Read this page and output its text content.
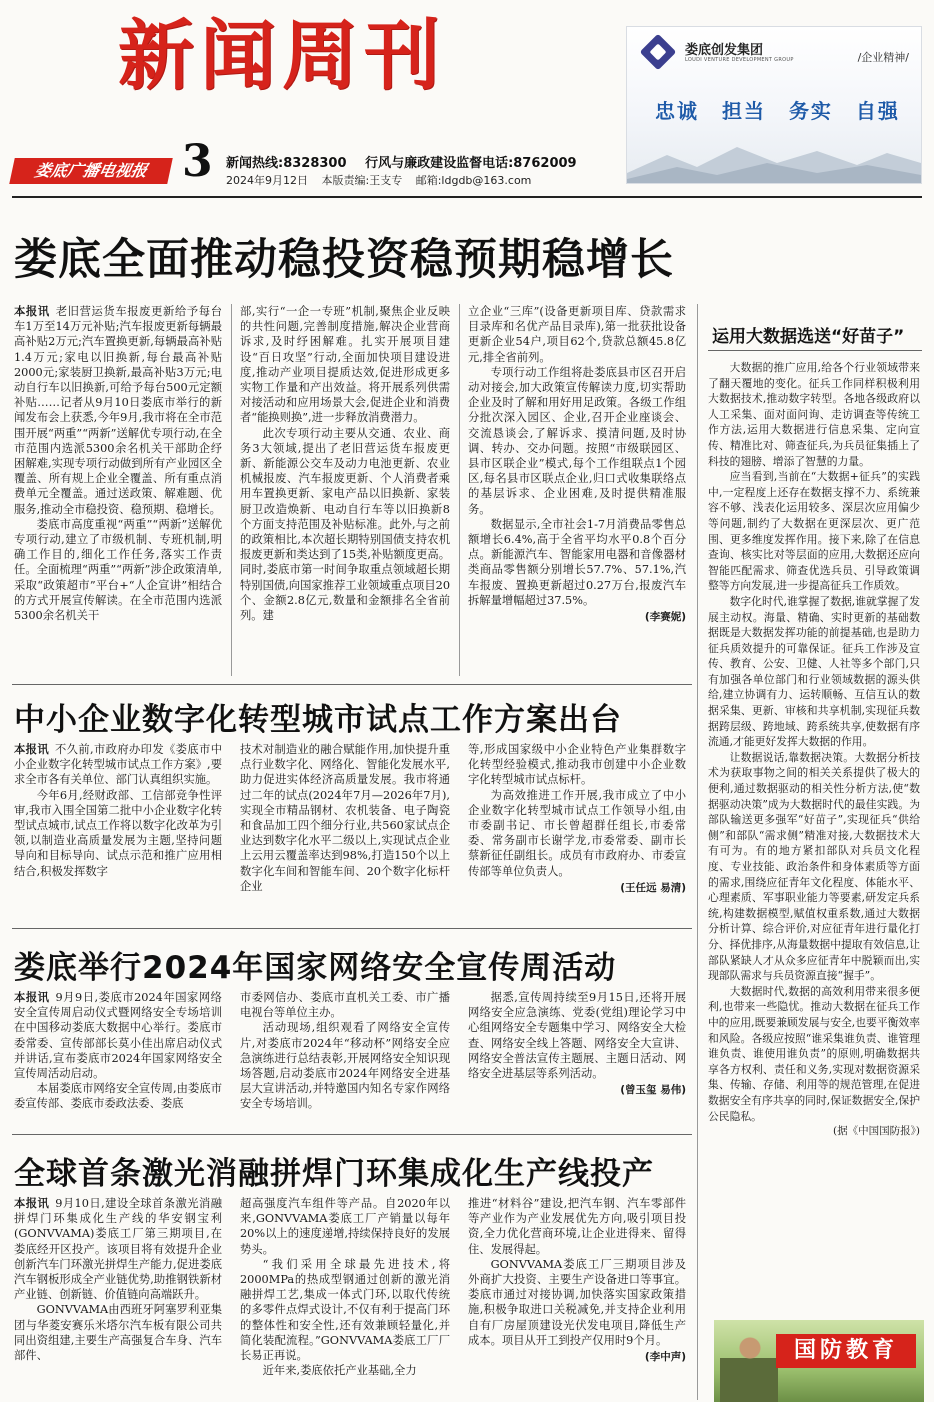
新闻周刊
娄底广播电视报 3 新闻热线:8328300 行风与廉政建设监督电话:8762009
2024年9月12日 本版责编:王支专 邮箱:ldgdb@163.com
娄底创发集团
LOUDI VENTURE DEVELOPMENT GROUP	/企业精神/
忠诚 担当 务实 自强
娄底全面推动稳投资稳预期稳增长

本报讯 老旧营运货车报废更新给予每台车1万至14万元补贴;汽车报废更新每辆最高补贴2万元;汽车置换更新,每辆最高补贴1.4万元;家电以旧换新,每台最高补贴2000元;家装厨卫换新,最高补贴3万元;电动自行车以旧换新,可给予每台500元定额补贴……记者从9月10日娄底市举行的新闻发布会上获悉,今年9月,我市将在全市范围开展“两重”“两新”送解优专项行动,在全市范围内选派5300余名机关干部助企纾困解难,实现专项行动做到所有产业园区全覆盖、所有规上企业全覆盖、所有重点消费单元全覆盖。通过送政策、解难题、优服务,推动全市稳投资、稳预期、稳增长。

娄底市高度重视“两重”“两新”送解优专项行动,建立了市级机制、专班机制,明确工作目的,细化工作任务,落实工作责任。全面梳理“两重”“两新”涉企政策清单,采取“政策超市”平台+“人企宣讲”相结合的方式开展宣传解读。在全市范围内选派5300余名机关干

部,实行“一企一专班”机制,聚焦企业反映的共性问题,完善制度措施,解决企业营商诉求,及时纾困解难。扎实开展项目建设“百日攻坚”行动,全面加快项目建设进度,推动产业项目提质达效,促进形成更多实物工作量和产出效益。将开展系列供需对接活动和应用场景大会,促进企业和消费者“能换则换”,进一步释放消费潜力。

此次专项行动主要从交通、农业、商务3大领域,提出了老旧营运货车报废更新、新能源公交车及动力电池更新、农业机械报废、汽车报废更新、个人消费者乘用车置换更新、家电产品以旧换新、家装厨卫改造焕新、电动自行车等以旧换新8个方面支持范围及补贴标准。此外,与之前的政策相比,本次超长期特别国债支持农机报废更新和类达到了15类,补贴额度更高。同时,娄底市第一时间争取重点领域超长期特别国债,向国家推荐工业领域重点项目20个、金额2.8亿元,数量和金额排名全省前列。建

立企业“三库”(设备更新项目库、贷款需求目录库和名优产品目录库),第一批获批设备更新企业54户,项目62个,贷款总额45.8亿元,排全省前列。

专项行动工作组将赴娄底县市区召开启动对接会,加大政策宣传解读力度,切实帮助企业及时了解和用好用足政策。各级工作组分批次深入园区、企业,召开企业座谈会、交流恳谈会,了解诉求、摸清问题,及时协调、转办、交办问题。按照“市级联园区、县市区联企业”模式,每个工作组联点1个园区,每名县市区联点企业,归口式收集联络点的基层诉求、企业困难,及时提供精准服务。

数据显示,全市社会1-7月消费品零售总额增长6.4%,高于全省平均水平0.8个百分点。新能源汽车、智能家用电器和音像器材类商品零售额分别增长57.7%、57.1%,汽车报废、置换更新超过0.27万台,报废汽车拆解量增幅超过37.5%。

(李赛妮)
中小企业数字化转型城市试点工作方案出台

本报讯 不久前,市政府办印发《娄底市中小企业数字化转型城市试点工作方案》,要求全市各有关单位、部门认真组织实施。

今年6月,经财政部、工信部竞争性评审,我市入围全国第二批中小企业数字化转型试点城市,试点工作将以数字化改革为引领,以制造业高质量发展为主题,坚持问题导向和目标导向、试点示范和推广应用相结合,积极发挥数字

技术对制造业的融合赋能作用,加快提升重点行业数字化、网络化、智能化发展水平,助力促进实体经济高质量发展。我市将通过二年的试点(2024年7月—2026年7月),实现全市精品钢材、农机装备、电子陶瓷和食品加工四个细分行业,共560家试点企业达到数字化水平二级以上,实现试点企业上云用云覆盖率达到98%,打造150个以上数字化车间和智能车间、20个数字化标杆企业

等,形成国家级中小企业特色产业集群数字化转型经验模式,推动我市创建中小企业数字化转型城市试点标杆。

为高效推进工作开展,我市成立了中小企业数字化转型城市试点工作领导小组,由市委副书记、市长曾超群任组长,市委常委、常务副市长谢学龙,市委常委、副市长蔡新征任副组长。成员有市政府办、市委宣传部等单位负责人。

(王任远 易清)
娄底举行2024年国家网络安全宣传周活动

本报讯 9月9日,娄底市2024年国家网络安全宣传周启动仪式暨网络安全专场培训在中国移动娄底大数据中心举行。娄底市委常委、宣传部部长莫小佳出席启动仪式并讲话,宣布娄底市2024年国家网络安全宣传周活动启动。

本届娄底市网络安全宣传周,由娄底市委宣传部、娄底市委政法委、娄底

市委网信办、娄底市直机关工委、市广播电视台等单位主办。

活动现场,组织观看了网络安全宣传片,对娄底市2024年“移动杯”网络安全应急演练进行总结表彰,开展网络安全知识现场答题,启动娄底市2024年网络安全进基层大宣讲活动,并特邀国内知名专家作网络安全专场培训。

据悉,宣传周持续至9月15日,还将开展网络安全应急演练、党委(党组)理论学习中心组网络安全专题集中学习、网络安全大检查、网络安全线上答题、网络安全大宣讲、网络安全普法宣传主题展、主题日活动、网络安全进基层等系列活动。

(曾玉玺 易伟)
全球首条激光消融拼焊门环集成化生产线投产

本报讯 9月10日,建设全球首条激光消融拼焊门环集成化生产线的华安钢宝利(GONVVAMA)娄底工厂第三期项目,在娄底经开区投产。该项目将有效提升企业创新汽车门环激光拼焊生产能力,促进娄底汽车钢板形成全产业链优势,助推钢铁新材产业链、创新链、价值链向高端跃升。

GONVVAMA由西班牙阿塞罗利亚集团与华菱安赛乐米塔尔汽车板有限公司共同出资组建,主要生产高强复合车身、汽车部件、

超高强度汽车组件等产品。自2020年以来,GONVVAMA娄底工厂产销量以每年20%以上的速度递增,持续保持良好的发展势头。

“我们采用全球最先进技术,将2000MPa的热成型钢通过创新的激光消融拼焊工艺,集成一体式门环,以取代传统的多零件点焊式设计,不仅有利于提高门环的整体性和安全性,还有效兼顾轻量化,并简化装配流程。”GONVVAMA娄底工厂厂长易正再说。

近年来,娄底依托产业基础,全力

推进“材料谷”建设,把汽车钢、汽车零部件等产业作为产业发展优先方向,吸引项目投资,全力优化营商环境,让企业进得来、留得住、发展得起。

GONVVAMA娄底工厂三期项目涉及外商扩大投资、主要生产设备进口等事宜。娄底市通过对接协调,加快落实国家政策措施,积极争取进口关税减免,并支持企业利用自有厂房屋顶建设光伏发电项目,降低生产成本。项目从开工到投产仅用时9个月。

(李中声)
运用大数据选送“好苗子”

大数据的推广应用,给各个行业领域带来了翻天覆地的变化。征兵工作同样积极利用大数据技术,推动数字转型。各地各级政府以人工采集、面对面问询、走访调查等传统工作方法,运用大数据进行信息采集、定向宣传、精准比对、筛查征兵,为兵员征集插上了科技的翅膀、增添了智慧的力量。

应当看到,当前在“大数据+征兵”的实践中,一定程度上还存在数据支撑不力、系统兼容不够、浅表化运用较多、深层次应用偏少等问题,制约了大数据在更深层次、更广范围、更多维度发挥作用。接下来,除了在信息查询、核实比对等层面的应用,大数据还应向智能匹配需求、筛查优选兵员、引导政策调整等方向发展,进一步提高征兵工作质效。

数字化时代,谁掌握了数据,谁就掌握了发展主动权。海量、精确、实时更新的基础数据既是大数据发挥功能的前提基础,也是助力征兵质效提升的可靠保证。征兵工作涉及宣传、教育、公安、卫健、人社等多个部门,只有加强各单位部门和行业领域数据的源头供给,建立协调有力、运转顺畅、互信互认的数据采集、更新、审核和共享机制,实现征兵数据跨层级、跨地域、跨系统共享,使数据有序流通,才能更好发挥大数据的作用。

让数据说话,靠数据决策。大数据分析技术为获取事物之间的相关关系提供了极大的便利,通过数据驱动的相关性分析方法,使“数据驱动决策”成为大数据时代的最佳实践。为部队输送更多强军“好苗子”,实现征兵“供给侧”和部队“需求侧”精准对接,大数据技术大有可为。有的地方紧扣部队对兵员文化程度、专业技能、政治条件和身体素质等方面的需求,围绕应征青年文化程度、体能水平、心理素质、军事职业能力等要素,研发定兵系统,构建数据模型,赋值权重系数,通过大数据分析计算、综合评价,对应征青年进行量化打分、择优排序,从海量数据中提取有效信息,让部队紧缺人才从众多应征青年中脱颖而出,实现部队需求与兵员资源直接“握手”。

大数据时代,数据的高效利用带来很多便利,也带来一些隐忧。推动大数据在征兵工作中的应用,既要兼顾发展与安全,也要平衡效率和风险。各级应按照“谁采集谁负责、谁管理谁负责、谁使用谁负责”的原则,明确数据共享各方权利、责任和义务,实现对数据资源采集、传输、存储、利用等的规范管理,在促进数据安全有序共享的同时,保证数据安全,保护公民隐私。

(据《中国国防报》)
国防教育
